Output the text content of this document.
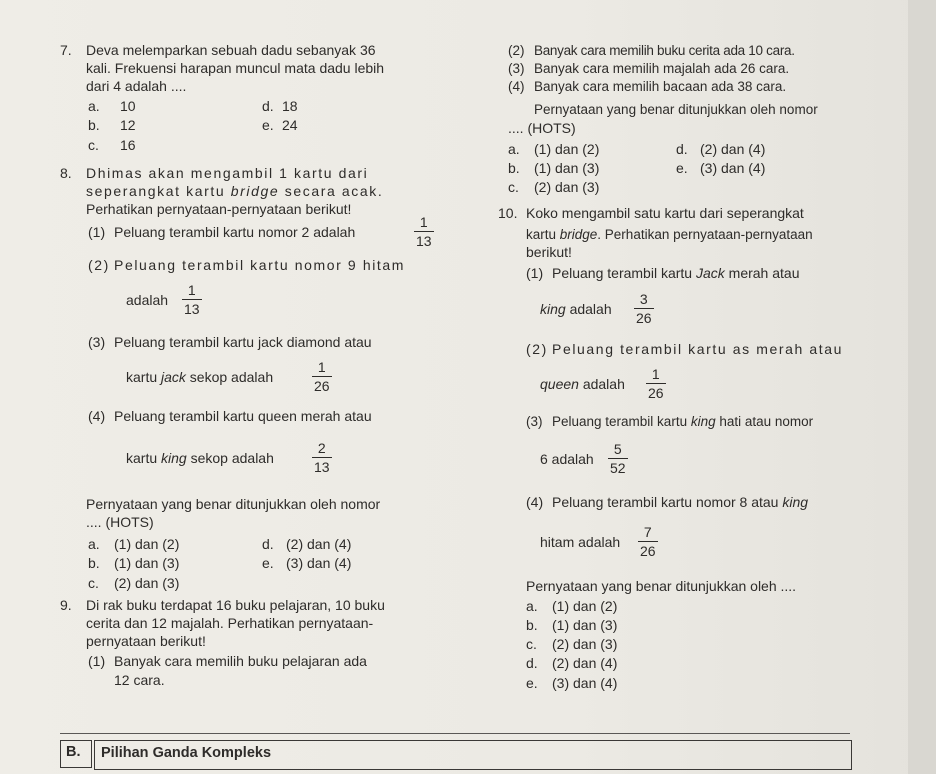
7. Deva melemparkan sebuah dadu sebanyak 36
kali. Frekuensi harapan muncul mata dadu lebih
dari 4 adalah ....
a. 10
b. 12
c. 16
d. 18
e. 24
8. Dhimas akan mengambil 1 kartu dari
seperangkat kartu bridge secara acak.
Perhatikan pernyataan-pernyataan berikut!
(1) Peluang terambil kartu nomor 2 adalah
1
13
(2) Peluang terambil kartu nomor 9 hitam
adalah
1
13
(3) Peluang terambil kartu jack diamond atau
kartu jack sekop adalah
1
26
(4) Peluang terambil kartu queen merah atau
kartu king sekop adalah
2
13
Pernyataan yang benar ditunjukkan oleh nomor
.... (HOTS)
a. (1) dan (2)
b. (1) dan (3)
c. (2) dan (3)
d. (2) dan (4)
e. (3) dan (4)
9. Di rak buku terdapat 16 buku pelajaran, 10 buku
cerita dan 12 majalah. Perhatikan pernyataan-
pernyataan berikut!
(1) Banyak cara memilih buku pelajaran ada
12 cara.
(2) Banyak cara memilih buku cerita ada 10 cara.
(3) Banyak cara memilih majalah ada 26 cara.
(4) Banyak cara memilih bacaan ada 38 cara.
Pernyataan yang benar ditunjukkan oleh nomor
.... (HOTS)
a. (1) dan (2)
b. (1) dan (3)
c. (2) dan (3)
d. (2) dan (4)
e. (3) dan (4)
10. Koko mengambil satu kartu dari seperangkat
kartu bridge. Perhatikan pernyataan-pernyataan
berikut!
(1) Peluang terambil kartu Jack merah atau
king adalah
3
26
(2) Peluang terambil kartu as merah atau
queen adalah
1
26
(3) Peluang terambil kartu king hati atau nomor
6 adalah
5
52
(4) Peluang terambil kartu nomor 8 atau king
hitam adalah
7
26
Pernyataan yang benar ditunjukkan oleh ....
a. (1) dan (2)
b. (1) dan (3)
c. (2) dan (3)
d. (2) dan (4)
e. (3) dan (4)
B. Pilihan Ganda Kompleks
